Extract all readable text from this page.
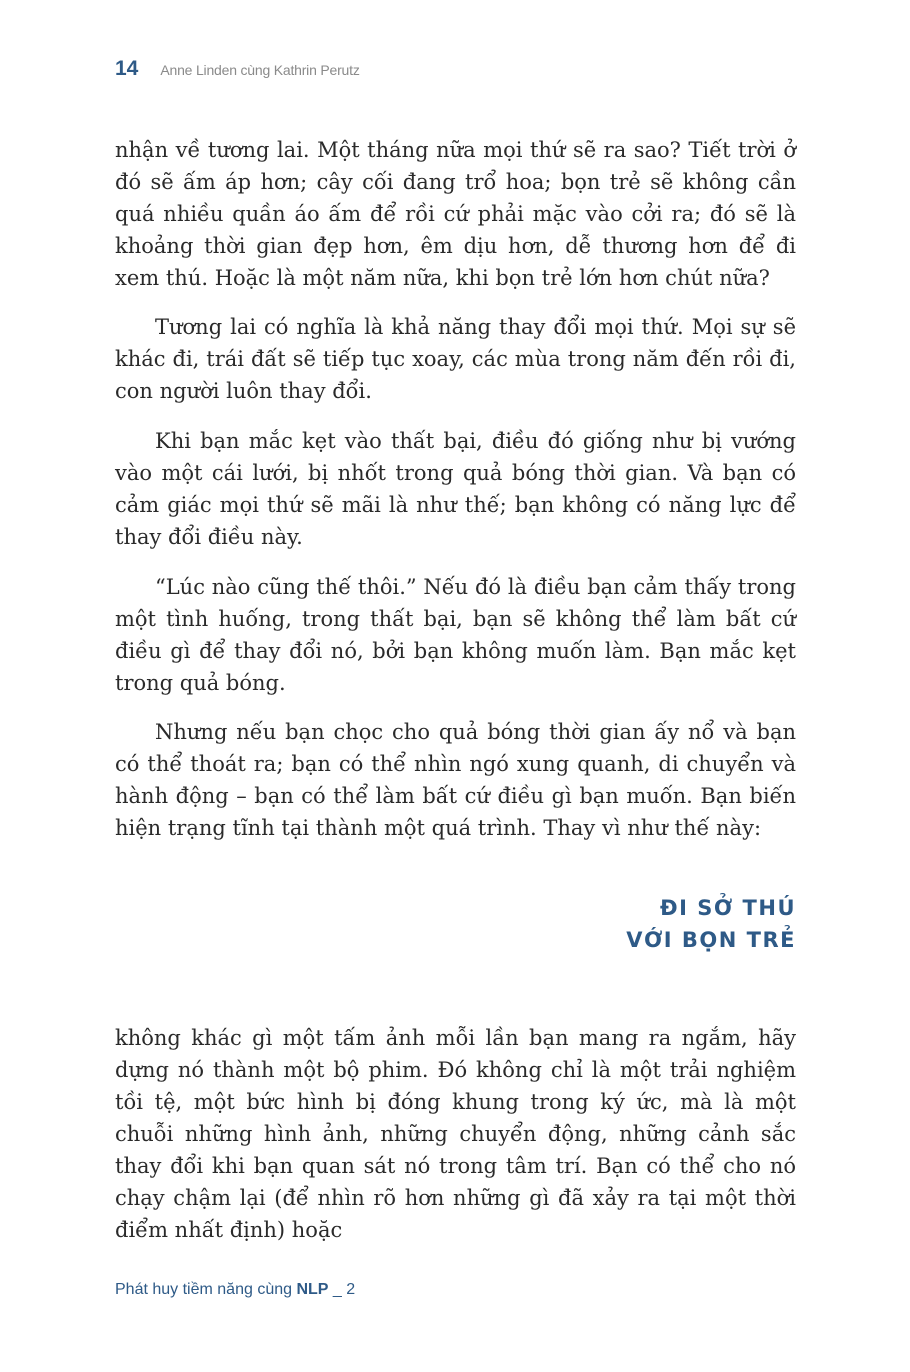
14 Anne Linden cùng Kathrin Perutz

nhận về tương lai. Một tháng nữa mọi thứ sẽ ra sao? Tiết trời ở đó sẽ ấm áp hơn; cây cối đang trổ hoa; bọn trẻ sẽ không cần quá nhiều quần áo ấm để rồi cứ phải mặc vào cởi ra; đó sẽ là khoảng thời gian đẹp hơn, êm dịu hơn, dễ thương hơn để đi xem thú. Hoặc là một năm nữa, khi bọn trẻ lớn hơn chút nữa?

Tương lai có nghĩa là khả năng thay đổi mọi thứ. Mọi sự sẽ khác đi, trái đất sẽ tiếp tục xoay, các mùa trong năm đến rồi đi, con người luôn thay đổi.

Khi bạn mắc kẹt vào thất bại, điều đó giống như bị vướng vào một cái lưới, bị nhốt trong quả bóng thời gian. Và bạn có cảm giác mọi thứ sẽ mãi là như thế; bạn không có năng lực để thay đổi điều này.

“Lúc nào cũng thế thôi.” Nếu đó là điều bạn cảm thấy trong một tình huống, trong thất bại, bạn sẽ không thể làm bất cứ điều gì để thay đổi nó, bởi bạn không muốn làm. Bạn mắc kẹt trong quả bóng.

Nhưng nếu bạn chọc cho quả bóng thời gian ấy nổ và bạn có thể thoát ra; bạn có thể nhìn ngó xung quanh, di chuyển và hành động – bạn có thể làm bất cứ điều gì bạn muốn. Bạn biến hiện trạng tĩnh tại thành một quá trình. Thay vì như thế này:

ĐI SỞ THÚ
VỚI BỌN TRẺ

không khác gì một tấm ảnh mỗi lần bạn mang ra ngắm, hãy dựng nó thành một bộ phim. Đó không chỉ là một trải nghiệm tồi tệ, một bức hình bị đóng khung trong ký ức, mà là một chuỗi những hình ảnh, những chuyển động, những cảnh sắc thay đổi khi bạn quan sát nó trong tâm trí. Bạn có thể cho nó chạy chậm lại (để nhìn rõ hơn những gì đã xảy ra tại một thời điểm nhất định) hoặc

Phát huy tiềm năng cùng NLP _ 2
